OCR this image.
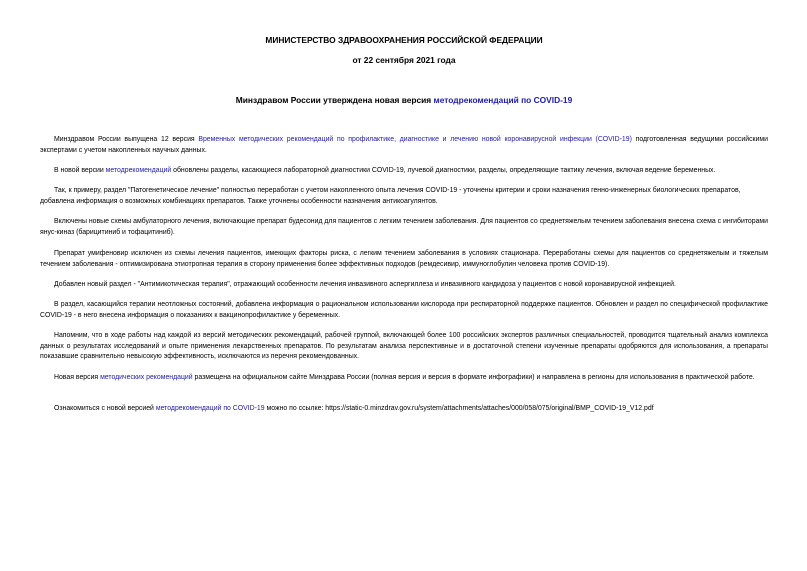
МИНИСТЕРСТВО ЗДРАВООХРАНЕНИЯ РОССИЙСКОЙ ФЕДЕРАЦИИ
от 22 сентября 2021 года
Минздравом России утверждена новая версия методрекомендаций по COVID-19

Минздравом России выпущена 12 версия Временных методических рекомендаций по профилактике, диагностике и лечению новой коронавирусной инфекции (COVID-19) подготовленная ведущими российскими экспертами с учетом накопленных научных данных.

В новой версии методрекомендаций обновлены разделы, касающиеся лабораторной диагностики COVID-19, лучевой диагностики, разделы, определяющие тактику лечения, включая ведение беременных.

Так, к примеру, раздел "Патогенетическое лечение" полностью переработан с учетом накопленного опыта лечения COVID-19 - уточнены критерии и сроки назначения генно-инженерных биологических препаратов, добавлена информация о возможных комбинациях препаратов. Также уточнены особенности назначения антикоагулянтов.

Включены новые схемы амбулаторного лечения, включающие препарат будесонид для пациентов с легким течением заболевания. Для пациентов со среднетяжелым течением заболевания внесена схема с ингибиторами янус-киназ (барицитиниб и тофацитиниб).

Препарат умифеновир исключен из схемы лечения пациентов, имеющих факторы риска, с легким течением заболевания в условиях стационара. Переработаны схемы для пациентов со среднетяжелым и тяжелым течением заболевания - оптимизирована этиотропная терапия в сторону применения более эффективных подходов (ремдесивир, иммуноглобулин человека против COVID-19).

Добавлен новый раздел - "Антимикотическая терапия", отражающий особенности лечения инвазивного аспергиллеза и инвазивного кандидоза у пациентов с новой коронавирусной инфекцией.

В раздел, касающийся терапии неотложных состояний, добавлена информация о рациональном использовании кислорода при респираторной поддержке пациентов. Обновлен и раздел по специфической профилактике COVID-19 - в него внесена информация о показаниях к вакцинопрофилактике у беременных.

Напомним, что в ходе работы над каждой из версий методических рекомендаций, рабочей группой, включающей более 100 российских экспертов различных специальностей, проводится тщательный анализ комплекса данных о результатах исследований и опыте применения лекарственных препаратов. По результатам анализа перспективные и в достаточной степени изученные препараты одобряются для использования, а препараты показавшие сравнительно невысокую эффективность, исключаются из перечня рекомендованных.

Новая версия методических рекомендаций размещена на официальном сайте Минздрава России (полная версия и версия в формате инфографики) и направлена в регионы для использования в практической работе.

Ознакомиться с новой версией методрекомендаций по COVID-19 можно по ссылке: https://static-0.minzdrav.gov.ru/system/attachments/attaches/000/058/075/original/BMP_COVID-19_V12.pdf
